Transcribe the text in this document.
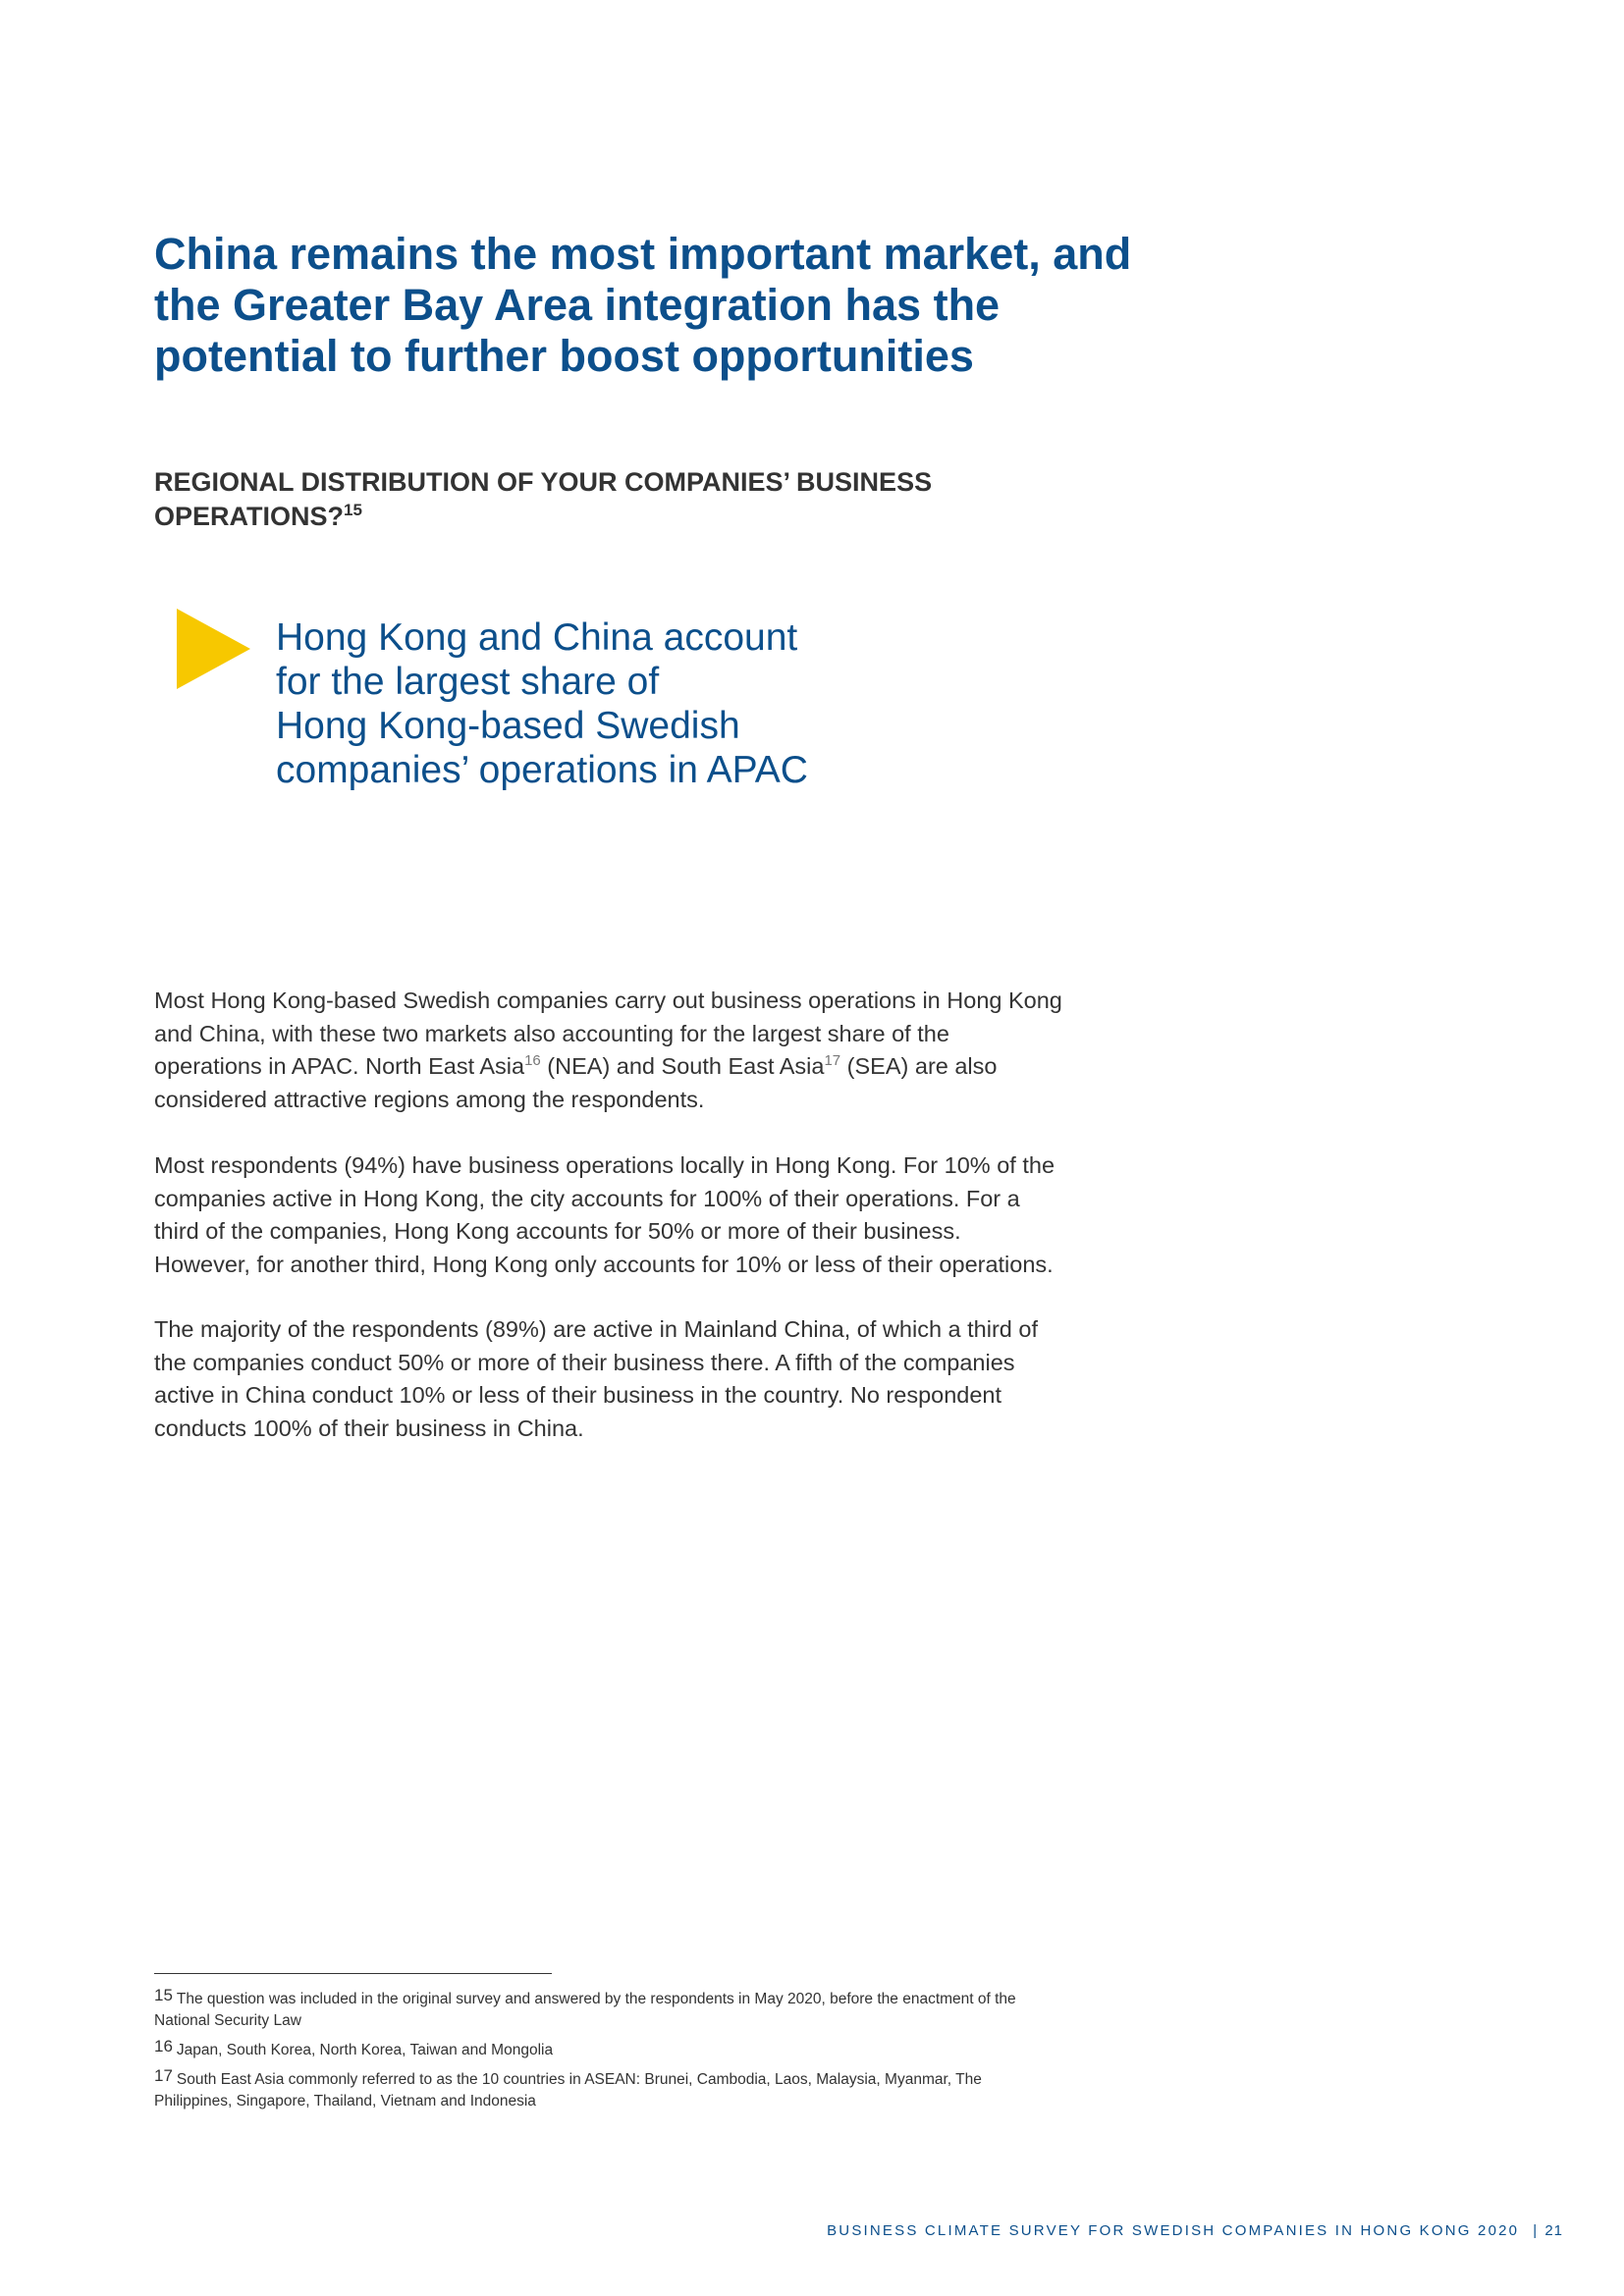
China remains the most important market, and
the Greater Bay Area integration has the
potential to further boost opportunities
REGIONAL DISTRIBUTION OF YOUR COMPANIES’ BUSINESS
OPERATIONS?$^{15}$
Hong Kong and China account
for the largest share of
Hong Kong-based Swedish
companies’ operations in APAC
Most Hong Kong-based Swedish companies carry out business operations in Hong Kong
and China, with these two markets also accounting for the largest share of the
operations in APAC. North East Asia$^{16}$ (NEA) and South East Asia$^{17}$ (SEA) are also
considered attractive regions among the respondents.
Most respondents (94%) have business operations locally in Hong Kong. For 10% of the
companies active in Hong Kong, the city accounts for 100% of their operations. For a
third of the companies, Hong Kong accounts for 50% or more of their business.
However, for another third, Hong Kong only accounts for 10% or less of their operations.
The majority of the respondents (89%) are active in Mainland China, of which a third of
the companies conduct 50% or more of their business there. A fifth of the companies
active in China conduct 10% or less of their business in the country. No respondent
conducts 100% of their business in China.
15 The question was included in the original survey and answered by the respondents in May 2020, before the enactment of the
National Security Law
16 Japan, South Korea, North Korea, Taiwan and Mongolia
17 South East Asia commonly referred to as the 10 countries in ASEAN: Brunei, Cambodia, Laos, Malaysia, Myanmar, The
Philippines, Singapore, Thailand, Vietnam and Indonesia
BUSINESS CLIMATE SURVEY FOR SWEDISH COMPANIES IN HONG KONG 2020 | 21
